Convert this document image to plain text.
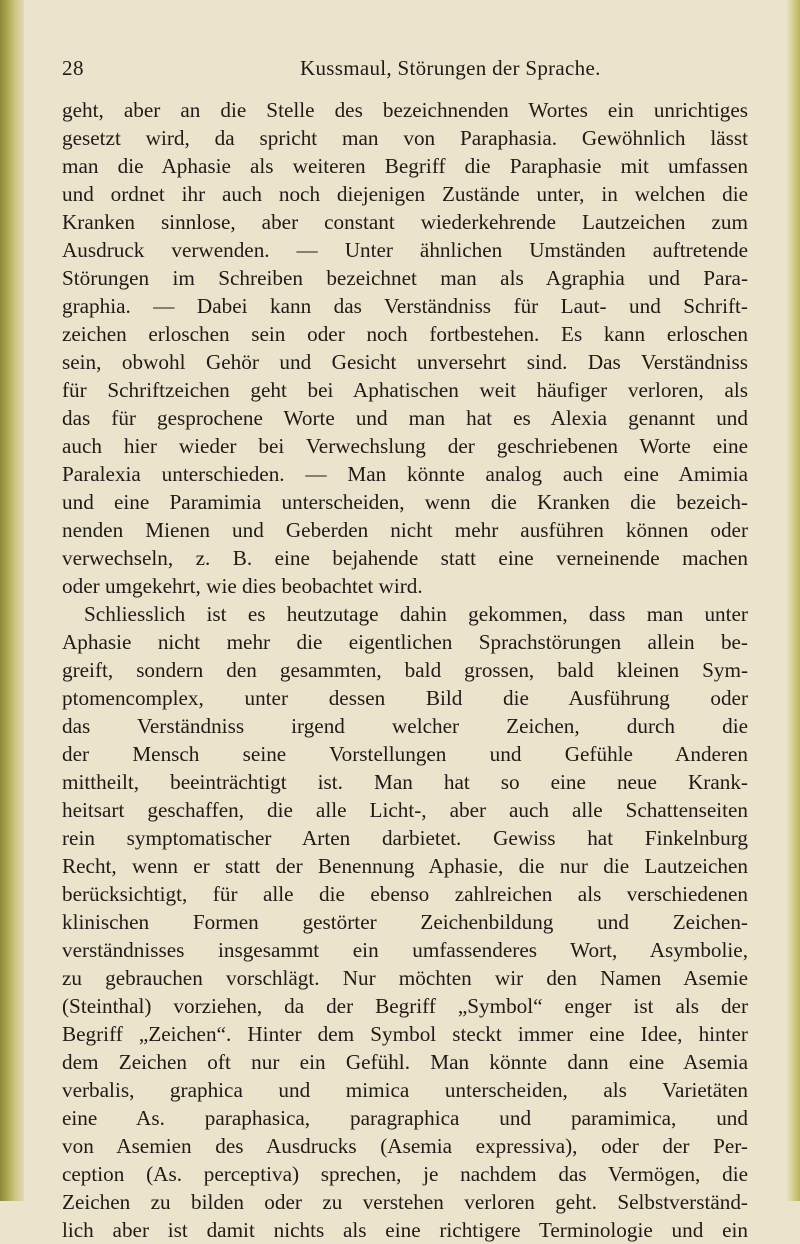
28	Kussmaul, Störungen der Sprache.
geht, aber an die Stelle des bezeichnenden Wortes ein unrichtiges
gesetzt wird, da spricht man von Paraphasia. Gewöhnlich lässt
man die Aphasie als weiteren Begriff die Paraphasie mit umfassen
und ordnet ihr auch noch diejenigen Zustände unter, in welchen die
Kranken sinnlose, aber constant wiederkehrende Lautzeichen zum
Ausdruck verwenden. — Unter ähnlichen Umständen auftretende
Störungen im Schreiben bezeichnet man als Agraphia und Para-
graphia. — Dabei kann das Verständniss für Laut- und Schrift-
zeichen erloschen sein oder noch fortbestehen. Es kann erloschen
sein, obwohl Gehör und Gesicht unversehrt sind. Das Verständniss
für Schriftzeichen geht bei Aphatischen weit häufiger verloren, als
das für gesprochene Worte und man hat es Alexia genannt und
auch hier wieder bei Verwechslung der geschriebenen Worte eine
Paralexia unterschieden. — Man könnte analog auch eine Amimia
und eine Paramimia unterscheiden, wenn die Kranken die bezeich-
nenden Mienen und Geberden nicht mehr ausführen können oder
verwechseln, z. B. eine bejahende statt eine verneinende machen
oder umgekehrt, wie dies beobachtet wird.
Schliesslich ist es heutzutage dahin gekommen, dass man unter
Aphasie nicht mehr die eigentlichen Sprachstörungen allein be-
greift, sondern den gesammten, bald grossen, bald kleinen Sym-
ptomencomplex, unter dessen Bild die Ausführung oder
das Verständniss irgend welcher Zeichen, durch die
der Mensch seine Vorstellungen und Gefühle Anderen
mittheilt, beeinträchtigt ist. Man hat so eine neue Krank-
heitsart geschaffen, die alle Licht-, aber auch alle Schattenseiten
rein symptomatischer Arten darbietet. Gewiss hat Finkelnburg
Recht, wenn er statt der Benennung Aphasie, die nur die Lautzeichen
berücksichtigt, für alle die ebenso zahlreichen als verschiedenen
klinischen Formen gestörter Zeichenbildung und Zeichen-
verständnisses insgesammt ein umfassenderes Wort, Asymbolie,
zu gebrauchen vorschlägt. Nur möchten wir den Namen Asemie
(Steinthal) vorziehen, da der Begriff „Symbol“ enger ist als der
Begriff „Zeichen“. Hinter dem Symbol steckt immer eine Idee, hinter
dem Zeichen oft nur ein Gefühl. Man könnte dann eine Asemia
verbalis, graphica und mimica unterscheiden, als Varietäten
eine As. paraphasica, paragraphica und paramimica, und
von Asemien des Ausdrucks (Asemia expressiva), oder der Per-
ception (As. perceptiva) sprechen, je nachdem das Vermögen, die
Zeichen zu bilden oder zu verstehen verloren geht. Selbstverständ-
lich aber ist damit nichts als eine richtigere Terminologie und ein
